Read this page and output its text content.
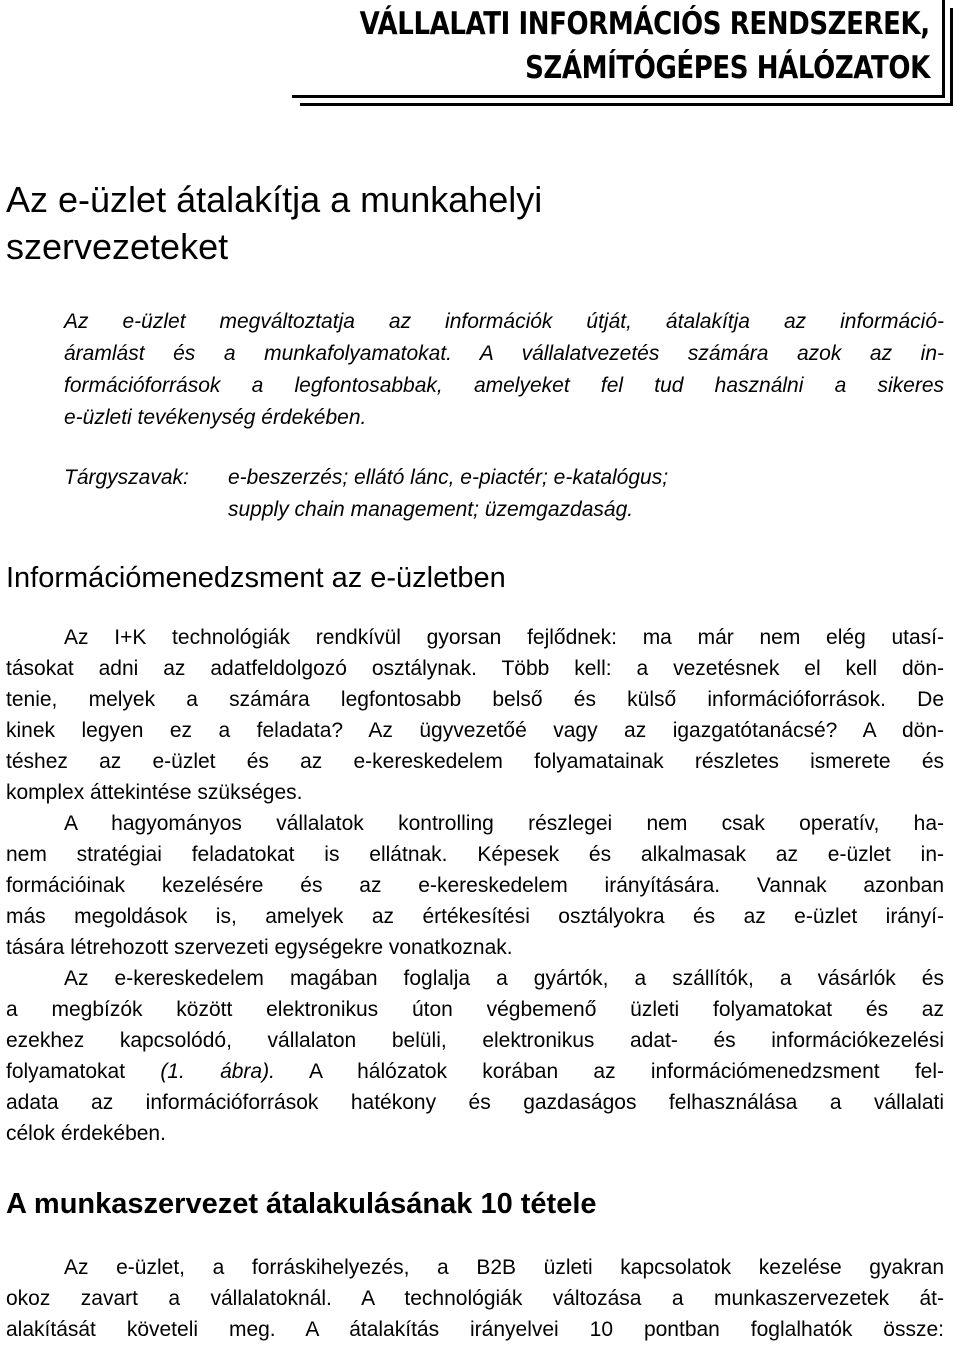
VÁLLALATI INFORMÁCIÓS RENDSZEREK,
SZÁMÍTÓGÉPES HÁLÓZATOK
Az e-üzlet átalakítja a munkahelyi
szervezeteket
Az e-üzlet megváltoztatja az információk útját, átalakítja az információ-
áramlást és a munkafolyamatokat. A vállalatvezetés számára azok az in-
formációforrások a legfontosabbak, amelyeket fel tud használni a sikeres
e-üzleti tevékenység érdekében.
Tárgyszavak: e-beszerzés; ellátó lánc, e-piactér; e-katalógus;
supply chain management; üzemgazdaság.
Információmenedzsment az e-üzletben
Az I+K technológiák rendkívül gyorsan fejlődnek: ma már nem elég utasí-
tásokat adni az adatfeldolgozó osztálynak. Több kell: a vezetésnek el kell dön-
tenie, melyek a számára legfontosabb belső és külső információforrások. De
kinek legyen ez a feladata? Az ügyvezetőé vagy az igazgatótanácsé? A dön-
téshez az e-üzlet és az e-kereskedelem folyamatainak részletes ismerete és
komplex áttekintése szükséges.
A hagyományos vállalatok kontrolling részlegei nem csak operatív, ha-
nem stratégiai feladatokat is ellátnak. Képesek és alkalmasak az e-üzlet in-
formációinak kezelésére és az e-kereskedelem irányítására. Vannak azonban
más megoldások is, amelyek az értékesítési osztályokra és az e-üzlet irányí-
tására létrehozott szervezeti egységekre vonatkoznak.
Az e-kereskedelem magában foglalja a gyártók, a szállítók, a vásárlók és
a megbízók között elektronikus úton végbemenő üzleti folyamatokat és az
ezekhez kapcsolódó, vállalaton belüli, elektronikus adat- és információkezelési
folyamatokat (1. ábra). A hálózatok korában az információmenedzsment fel-
adata az információforrások hatékony és gazdaságos felhasználása a vállalati
célok érdekében.
A munkaszervezet átalakulásának 10 tétele
Az e-üzlet, a forráskihelyezés, a B2B üzleti kapcsolatok kezelése gyakran
okoz zavart a vállalatoknál. A technológiák változása a munkaszervezetek át-
alakítását követeli meg. A átalakítás irányelvei 10 pontban foglalhatók össze:
